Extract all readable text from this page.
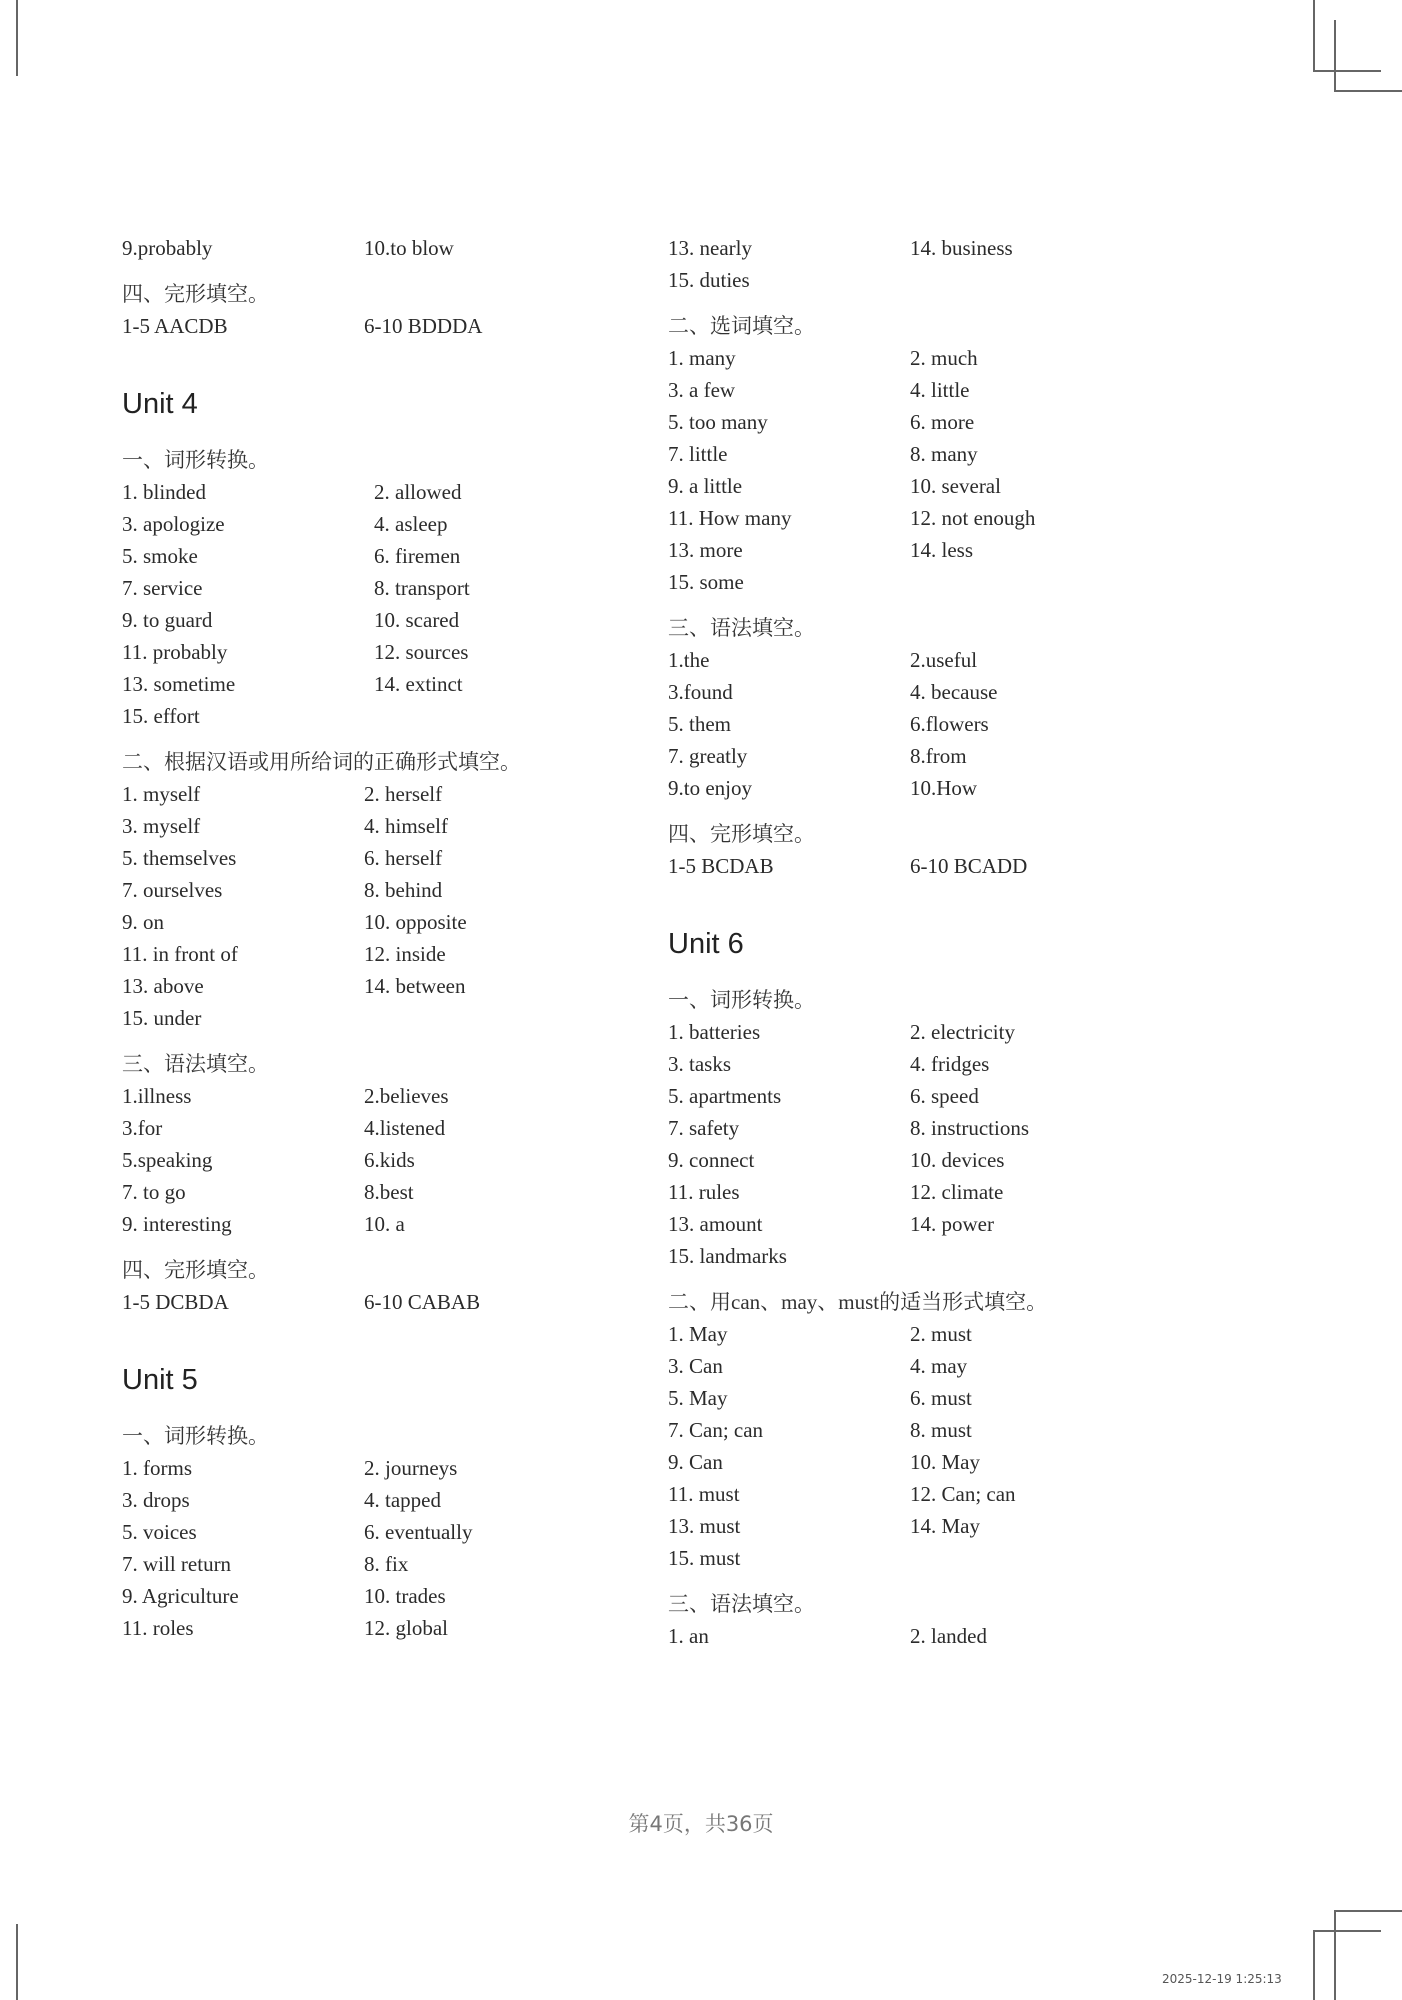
9.probably	10.to blow
四、完形填空。
1-5 AACDB	6-10 BDDDA
Unit 4
一、词形转换。
1. blinded	2. allowed
3. apologize	4. asleep
5. smoke	6. firemen
7. service	8. transport
9. to guard	10. scared
11. probably	12. sources
13. sometime	14. extinct
15. effort
二、根据汉语或用所给词的正确形式填空。
1. myself	2. herself
3. myself	4. himself
5. themselves	6. herself
7. ourselves	8. behind
9. on	10. opposite
11. in front of	12. inside
13. above	14. between
15. under
三、语法填空。
1.illness	2.believes
3.for	4.listened
5.speaking	6.kids
7. to go	8.best
9. interesting	10. a
四、完形填空。
1-5 DCBDA	6-10 CABAB
Unit 5
一、词形转换。
1. forms	2. journeys
3. drops	4. tapped
5. voices	6. eventually
7. will return	8. fix
9. Agriculture	10. trades
11. roles	12. global
13. nearly	14. business
15. duties
二、选词填空。
1. many	2. much
3. a few	4. little
5. too many	6. more
7. little	8. many
9. a little	10. several
11. How many	12. not enough
13. more	14. less
15. some
三、语法填空。
1.the	2.useful
3.found	4. because
5. them	6.flowers
7. greatly	8.from
9.to enjoy	10.How
四、完形填空。
1-5 BCDAB	6-10 BCADD
Unit 6
一、词形转换。
1. batteries	2. electricity
3. tasks	4. fridges
5. apartments	6. speed
7. safety	8. instructions
9. connect	10. devices
11. rules	12. climate
13. amount	14. power
15. landmarks
二、用can、may、must的适当形式填空。
1. May	2. must
3. Can	4. may
5. May	6. must
7. Can; can	8. must
9. Can	10. May
11. must	12. Can; can
13. must	14. May
15. must
三、语法填空。
1. an	2. landed
第4页，共36页
2025-12-19 1:25:13
